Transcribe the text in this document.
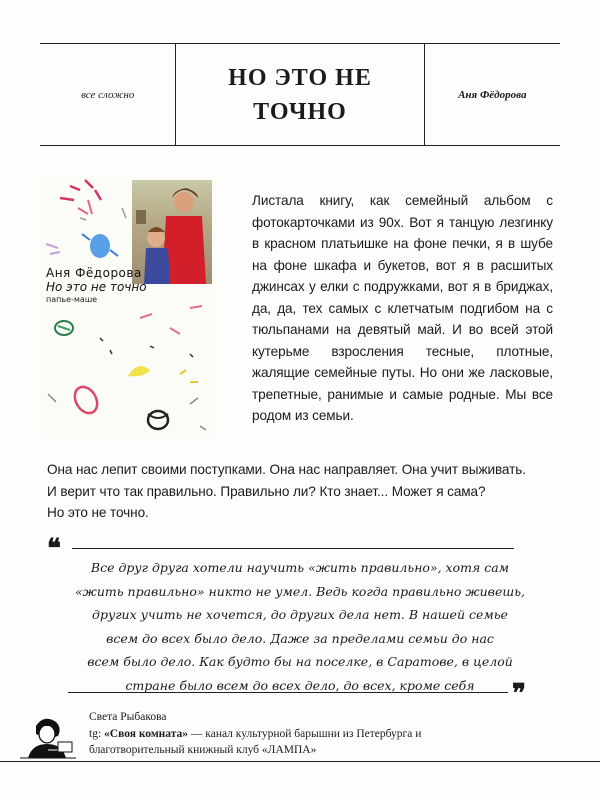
все сложно
НО ЭТО НЕ
ТОЧНО
Аня Фёдорова
Аня Фёдорова
Но это не точно
папье-маше
Листала книгу, как семейный альбом с фотокарточками из 90х. Вот я танцую лезгинку в красном платьишке на фоне печки, я в шубе на фоне шкафа и букетов, вот я в расшитых джинсах у елки с подружками, вот я в бриджах, да, да, тех самых с клетчатым подгибом на с тюльпанами на девятый май. И во всей этой кутерьме взросления тесные, плотные, жалящие семейные путы. Но они же ласковые, трепетные, ранимые и самые родные. Мы все родом из семьи.
Она нас лепит своими поступками. Она нас направляет. Она учит выживать.
И верит что так правильно. Правильно ли? Кто знает... Может я сама?
Но это не точно.
❝
Все друг друга хотели научить «жить правильно», хотя сам
«жить правильно» никто не умел. Ведь когда правильно живешь,
других учить не хочется, до других дела нет. В нашей семье
всем до всех было дело. Даже за пределами семьи до нас
всем было дело. Как будто бы на поселке, в Саратове, в целой
стране было всем до всех дело, до всех, кроме себя	❞
Света Рыбакова
tg: «Своя комната» — канал культурной барышни из Петербурга и
благотворительный книжный клуб «ЛАМПА»
